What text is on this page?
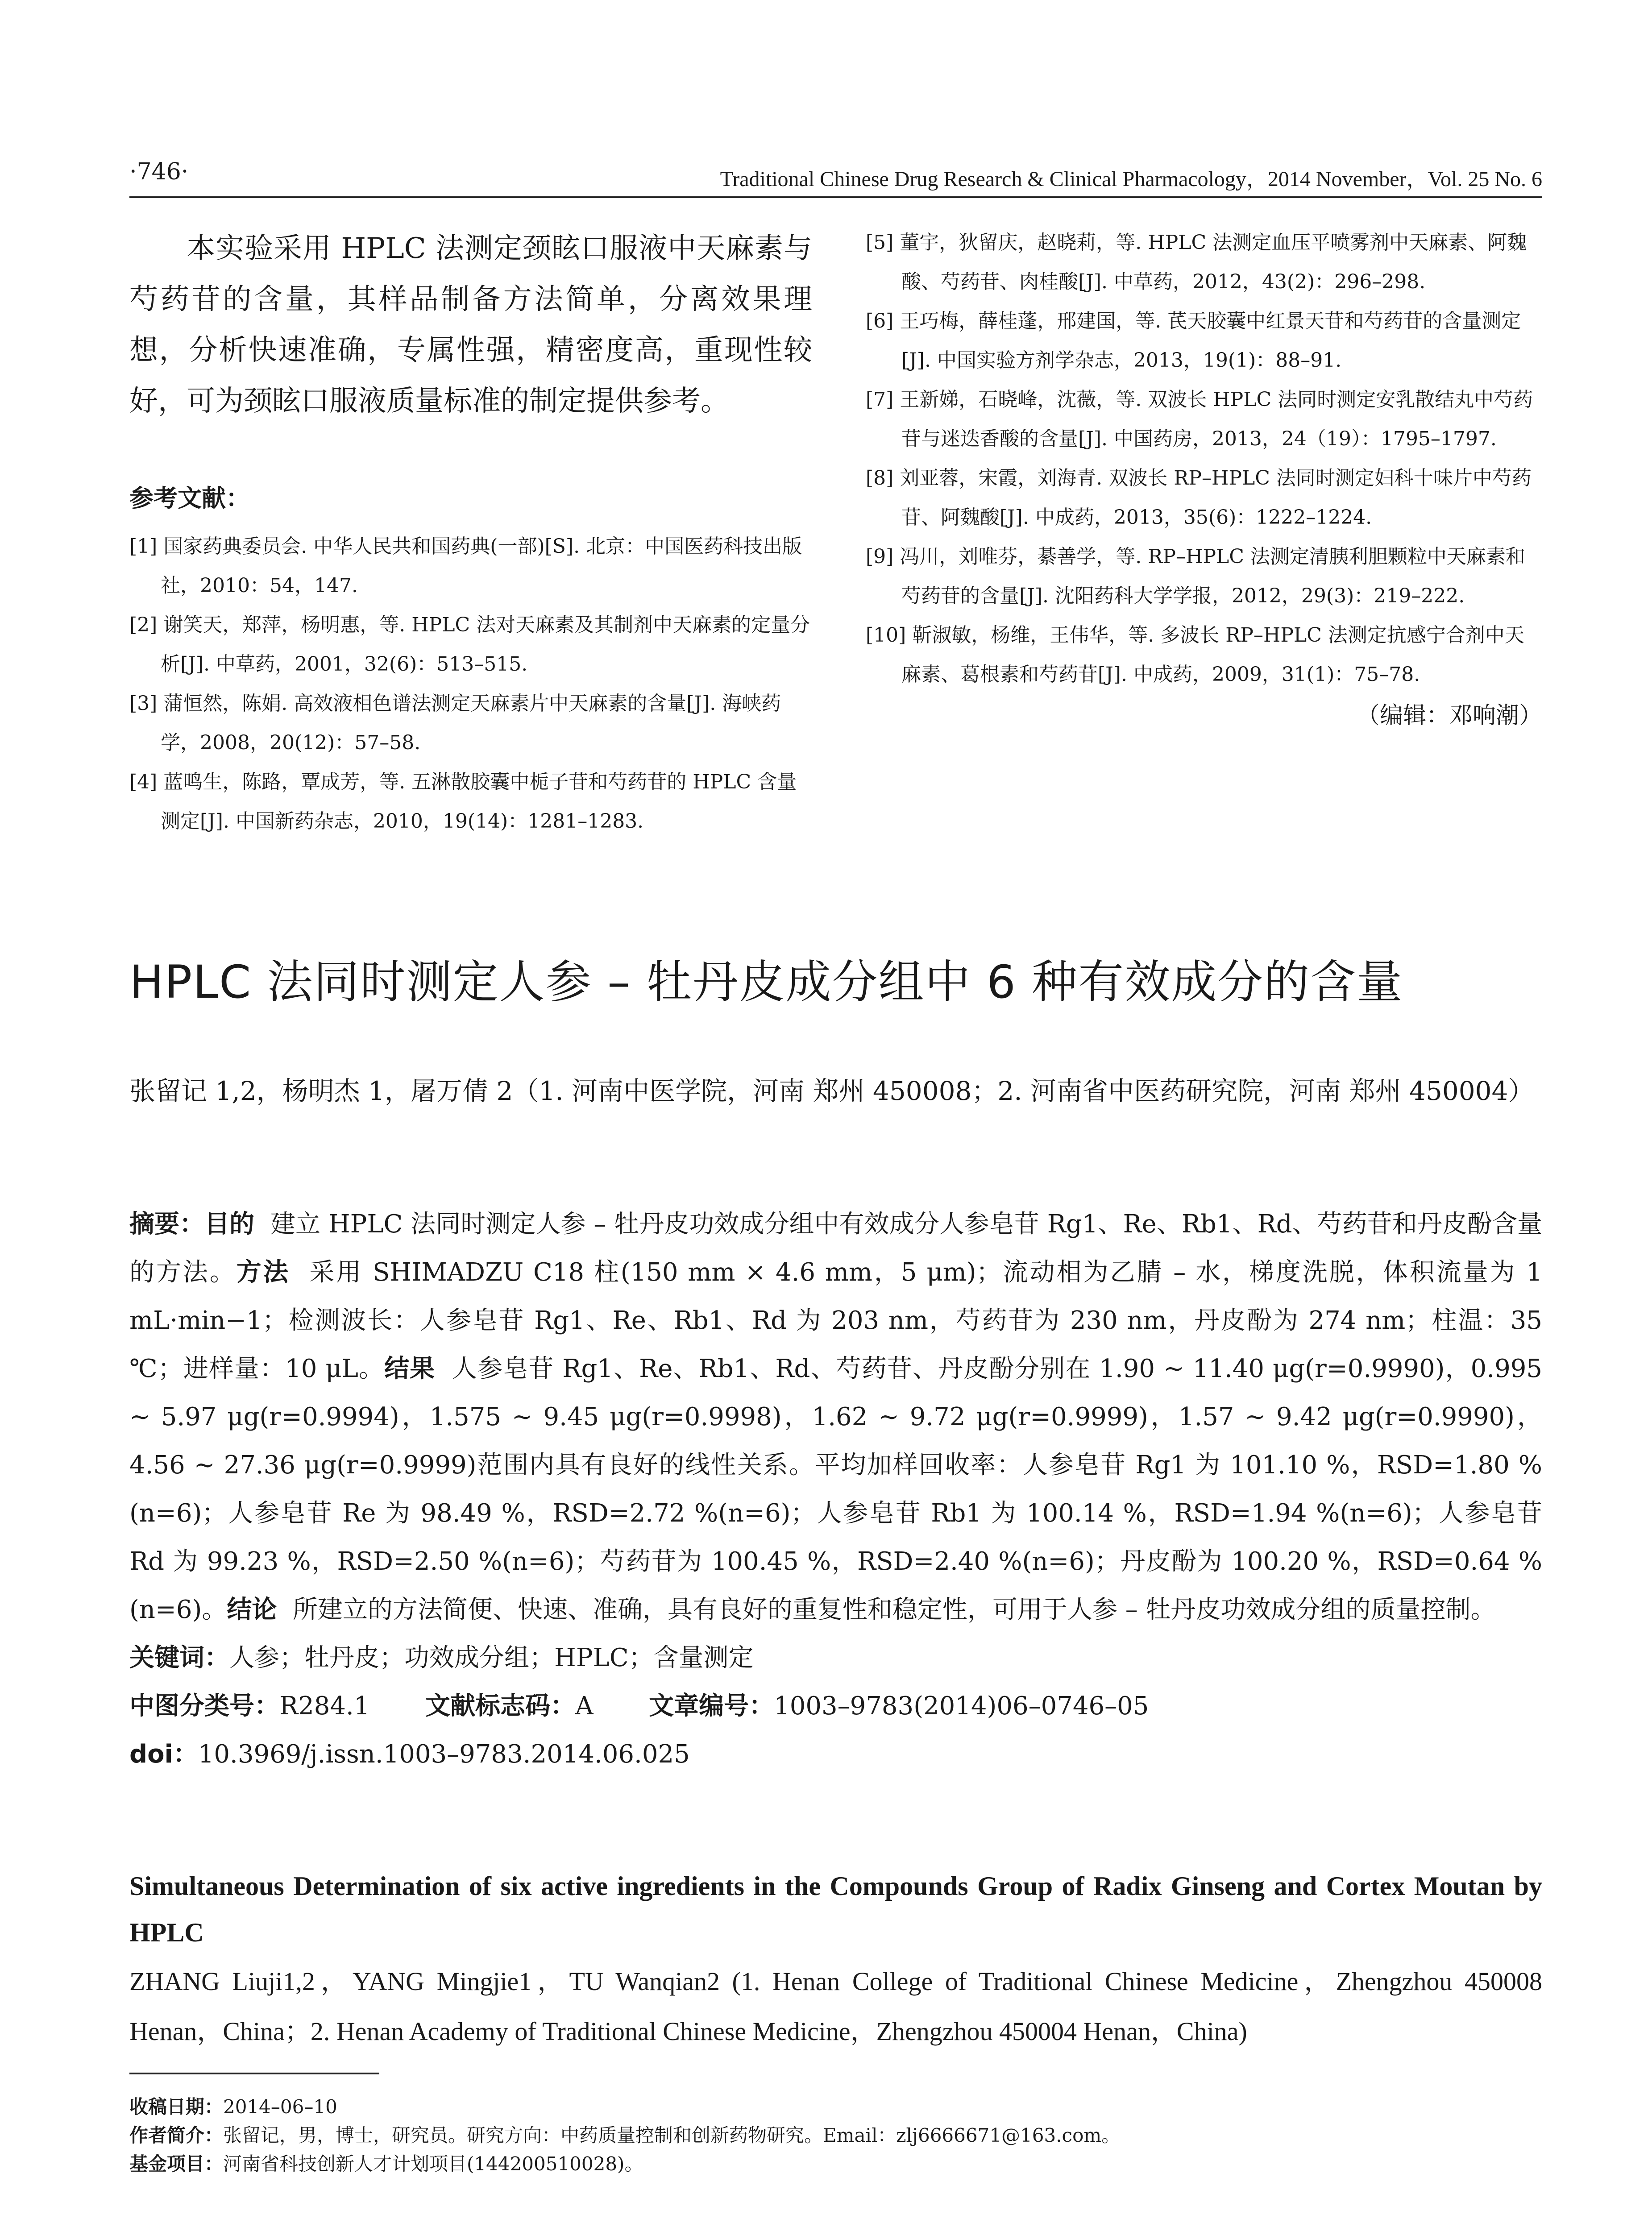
·746·	Traditional Chinese Drug Research & Clinical Pharmacology，2014 November，Vol. 25 No. 6

本实验采用 HPLC 法测定颈眩口服液中天麻素与芍药苷的含量，其样品制备方法简单，分离效果理想，分析快速准确，专属性强，精密度高，重现性较好，可为颈眩口服液质量标准的制定提供参考。

参考文献：

[1] 国家药典委员会. 中华人民共和国药典(一部)[S]. 北京：中国医药科技出版社，2010：54，147.

[2] 谢笑天，郑萍，杨明惠，等. HPLC 法对天麻素及其制剂中天麻素的定量分析[J]. 中草药，2001，32(6)：513–515.

[3] 蒲恒然，陈娟. 高效液相色谱法测定天麻素片中天麻素的含量[J]. 海峡药学，2008，20(12)：57–58.

[4] 蓝鸣生，陈路，覃成芳，等. 五淋散胶囊中栀子苷和芍药苷的 HPLC 含量测定[J]. 中国新药杂志，2010，19(14)：1281–1283.

[5] 董宇，狄留庆，赵晓莉，等. HPLC 法测定血压平喷雾剂中天麻素、阿魏酸、芍药苷、肉桂酸[J]. 中草药，2012，43(2)：296–298.

[6] 王巧梅，薛桂蓬，邢建国，等. 芪天胶囊中红景天苷和芍药苷的含量测定[J]. 中国实验方剂学杂志，2013，19(1)：88–91.

[7] 王新娣，石晓峰，沈薇，等. 双波长 HPLC 法同时测定安乳散结丸中芍药苷与迷迭香酸的含量[J]. 中国药房，2013，24（19）：1795–1797.

[8] 刘亚蓉，宋霞，刘海青. 双波长 RP–HPLC 法同时测定妇科十味片中芍药苷、阿魏酸[J]. 中成药，2013，35(6)：1222–1224.

[9] 冯川，刘唯芬，綦善学，等. RP–HPLC 法测定清胰利胆颗粒中天麻素和芍药苷的含量[J]. 沈阳药科大学学报，2012，29(3)：219–222.

[10] 靳淑敏，杨维，王伟华，等. 多波长 RP–HPLC 法测定抗感宁合剂中天麻素、葛根素和芍药苷[J]. 中成药，2009，31(1)：75–78.

（编辑：邓响潮）
HPLC 法同时测定人参 – 牡丹皮成分组中 6 种有效成分的含量
张留记 1,2，杨明杰 1，屠万倩 2（1. 河南中医学院，河南 郑州 450008；2. 河南省中医药研究院，河南 郑州 450004）

摘要：目的 建立 HPLC 法同时测定人参 – 牡丹皮功效成分组中有效成分人参皂苷 Rg1、Re、Rb1、Rd、芍药苷和丹皮酚含量的方法。方法 采用 SHIMADZU C18 柱(150 mm × 4.6 mm，5 μm)；流动相为乙腈 – 水，梯度洗脱，体积流量为 1 mL·min−1；检测波长：人参皂苷 Rg1、Re、Rb1、Rd 为 203 nm，芍药苷为 230 nm，丹皮酚为 274 nm；柱温：35 ℃；进样量：10 μL。结果 人参皂苷 Rg1、Re、Rb1、Rd、芍药苷、丹皮酚分别在 1.90 ~ 11.40 μg(r=0.9990)，0.995 ~ 5.97 μg(r=0.9994)，1.575 ~ 9.45 μg(r=0.9998)，1.62 ~ 9.72 μg(r=0.9999)，1.57 ~ 9.42 μg(r=0.9990)，4.56 ~ 27.36 μg(r=0.9999)范围内具有良好的线性关系。平均加样回收率：人参皂苷 Rg1 为 101.10 %，RSD=1.80 %(n=6)；人参皂苷 Re 为 98.49 %，RSD=2.72 %(n=6)；人参皂苷 Rb1 为 100.14 %，RSD=1.94 %(n=6)；人参皂苷 Rd 为 99.23 %，RSD=2.50 %(n=6)；芍药苷为 100.45 %，RSD=2.40 %(n=6)；丹皮酚为 100.20 %，RSD=0.64 %(n=6)。结论 所建立的方法简便、快速、准确，具有良好的重复性和稳定性，可用于人参 – 牡丹皮功效成分组的质量控制。

关键词：人参；牡丹皮；功效成分组；HPLC；含量测定

中图分类号：R284.1 文献标志码：A 文章编号：1003–9783(2014)06–0746–05

doi：10.3969/j.issn.1003–9783.2014.06.025

Simultaneous Determination of six active ingredients in the Compounds Group of Radix Ginseng and Cortex Moutan by HPLC
ZHANG Liuji1,2，YANG Mingjie1，TU Wanqian2 (1. Henan College of Traditional Chinese Medicine，Zhengzhou 450008 Henan，China；2. Henan Academy of Traditional Chinese Medicine，Zhengzhou 450004 Henan，China)

收稿日期：2014–06–10

作者简介：张留记，男，博士，研究员。研究方向：中药质量控制和创新药物研究。Email：zlj6666671@163.com。

基金项目：河南省科技创新人才计划项目(144200510028)。
